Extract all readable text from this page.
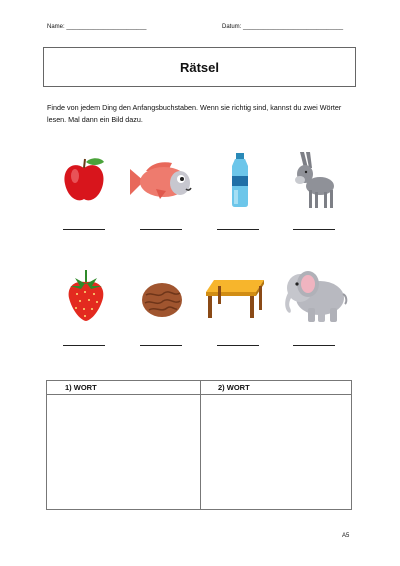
Name: ________________________	Datum: ______________________________
Rätsel
Finde von jedem Ding den Anfangsbuchstaben. Wenn sie richtig sind, kannst du zwei Wörter lesen. Mal dann ein Bild dazu.
1) WORT	2) WORT
A5
